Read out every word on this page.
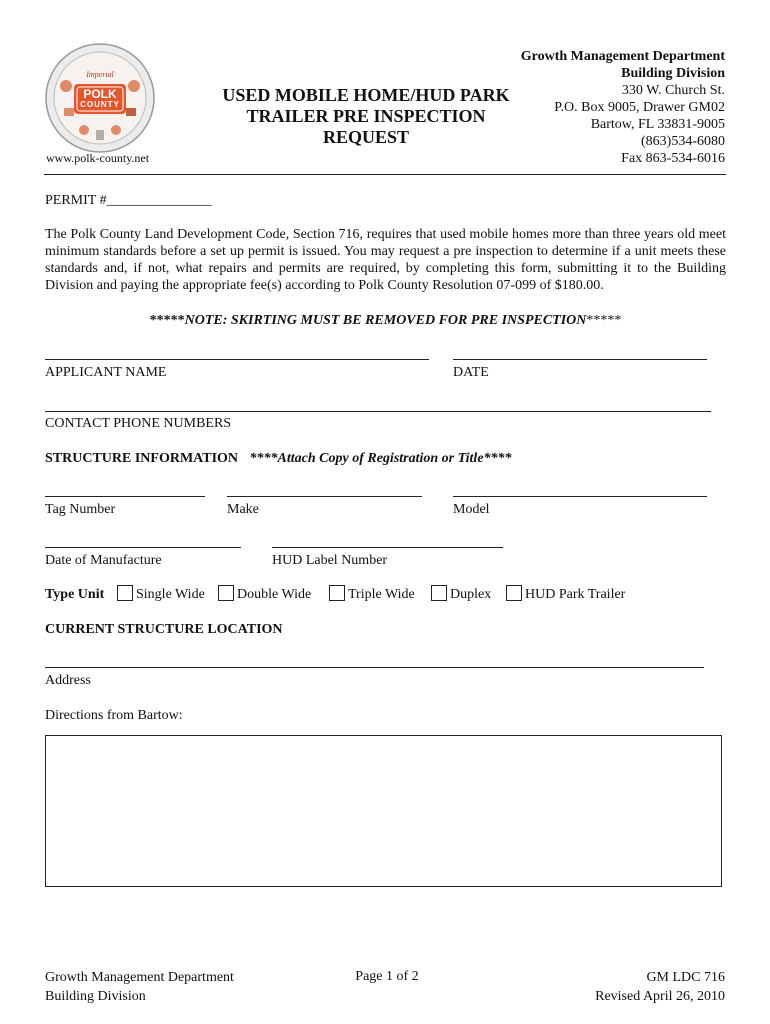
Imperial
POLK
COUNTY
www.polk-county.net
USED MOBILE HOME/HUD PARK
TRAILER PRE INSPECTION
REQUEST
Growth Management Department
Building Division
330 W. Church St.
P.O. Box 9005, Drawer GM02
Bartow, FL 33831-9005
(863)534-6080
Fax 863-534-6016
PERMIT #_______________
The Polk County Land Development Code, Section 716, requires that used mobile homes more than three years old meet minimum standards before a set up permit is issued. You may request a pre inspection to determine if a unit meets these standards and, if not, what repairs and permits are required, by completing this form, submitting it to the Building Division and paying the appropriate fee(s) according to Polk County Resolution 07-099 of $180.00.
*****NOTE: SKIRTING MUST BE REMOVED FOR PRE INSPECTION*****
APPLICANT NAME	DATE
CONTACT PHONE NUMBERS
STRUCTURE INFORMATION ****Attach Copy of Registration or Title****
Tag Number	Make	Model
Date of Manufacture	HUD Label Number
Type Unit Single Wide Double Wide	Triple Wide	Duplex HUD Park Trailer
CURRENT STRUCTURE LOCATION
Address
Directions from Bartow:
Growth Management Department
Building Division
Page 1 of 2	GM LDC 716
Revised April 26, 2010
